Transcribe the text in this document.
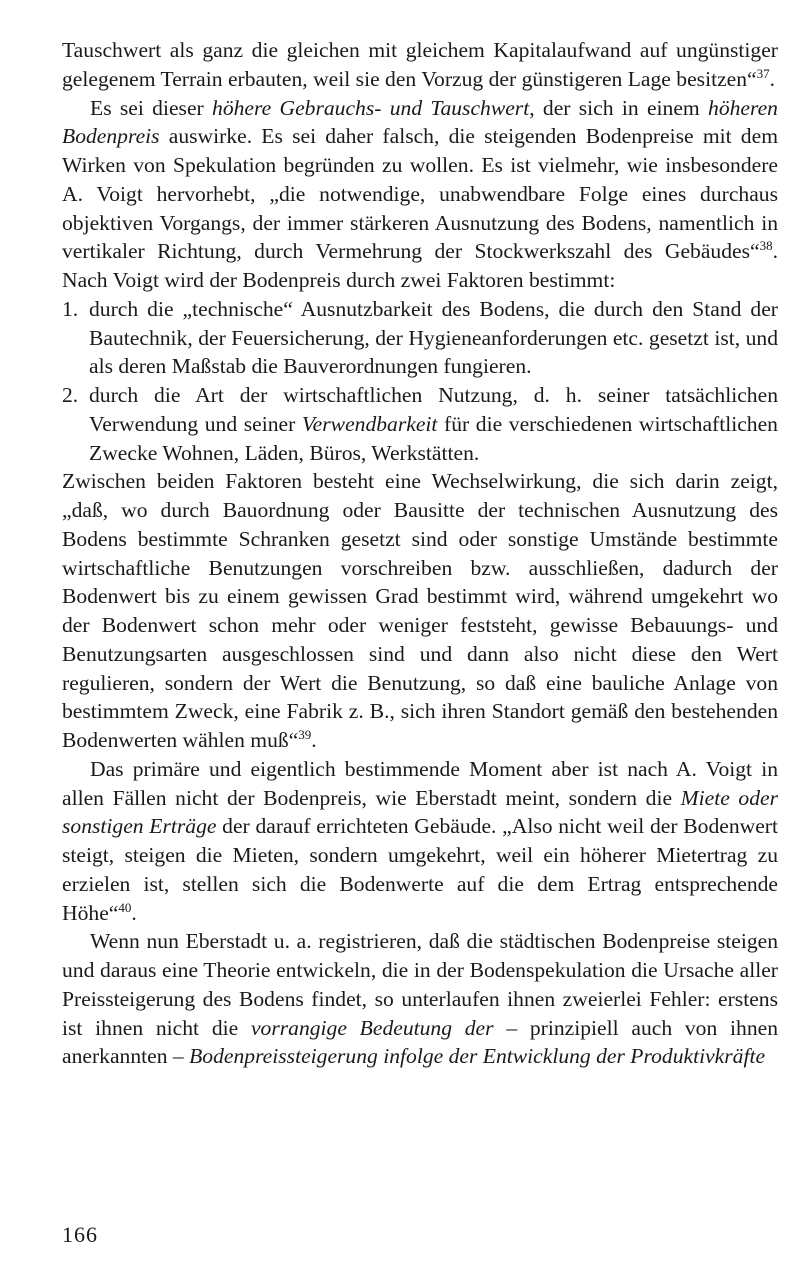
Tauschwert als ganz die gleichen mit gleichem Kapitalaufwand auf ungünstiger gelegenem Terrain erbauten, weil sie den Vorzug der günstigeren Lage besitzen“$^{37}$.

Es sei dieser höhere Gebrauchs- und Tauschwert, der sich in einem höheren Bodenpreis auswirke. Es sei daher falsch, die steigenden Bodenpreise mit dem Wirken von Spekulation begründen zu wollen. Es ist vielmehr, wie insbesondere A. Voigt hervorhebt, „die notwendige, unabwendbare Folge eines durchaus objektiven Vorgangs, der immer stärkeren Ausnutzung des Bodens, namentlich in vertikaler Richtung, durch Vermehrung der Stockwerkszahl des Gebäudes“$^{38}$. Nach Voigt wird der Bodenpreis durch zwei Faktoren bestimmt:

1. durch die „technische“ Ausnutzbarkeit des Bodens, die durch den Stand der Bautechnik, der Feuersicherung, der Hygieneanforderungen etc. gesetzt ist, und als deren Maßstab die Bauverordnungen fungieren.
2. durch die Art der wirtschaftlichen Nutzung, d. h. seiner tatsächlichen Verwendung und seiner Verwendbarkeit für die verschiedenen wirtschaftlichen Zwecke Wohnen, Läden, Büros, Werkstätten.

Zwischen beiden Faktoren besteht eine Wechselwirkung, die sich darin zeigt, „daß, wo durch Bauordnung oder Bausitte der technischen Ausnutzung des Bodens bestimmte Schranken gesetzt sind oder sonstige Umstände bestimmte wirtschaftliche Benutzungen vorschreiben bzw. ausschließen, dadurch der Bodenwert bis zu einem gewissen Grad bestimmt wird, während umgekehrt wo der Bodenwert schon mehr oder weniger feststeht, gewisse Bebauungs- und Benutzungsarten ausgeschlossen sind und dann also nicht diese den Wert regulieren, sondern der Wert die Benutzung, so daß eine bauliche Anlage von bestimmtem Zweck, eine Fabrik z. B., sich ihren Standort gemäß den bestehenden Bodenwerten wählen muß“$^{39}$.

Das primäre und eigentlich bestimmende Moment aber ist nach A. Voigt in allen Fällen nicht der Bodenpreis, wie Eberstadt meint, sondern die Miete oder sonstigen Erträge der darauf errichteten Gebäude. „Also nicht weil der Bodenwert steigt, steigen die Mieten, sondern umgekehrt, weil ein höherer Mietertrag zu erzielen ist, stellen sich die Bodenwerte auf die dem Ertrag entsprechende Höhe“$^{40}$.

Wenn nun Eberstadt u. a. registrieren, daß die städtischen Bodenpreise steigen und daraus eine Theorie entwickeln, die in der Bodenspekulation die Ursache aller Preissteigerung des Bodens findet, so unterlaufen ihnen zweierlei Fehler: erstens ist ihnen nicht die vorrangige Bedeutung der – prinzipiell auch von ihnen anerkannten – Bodenpreissteigerung infolge der Entwicklung der Produktivkräfte

166
